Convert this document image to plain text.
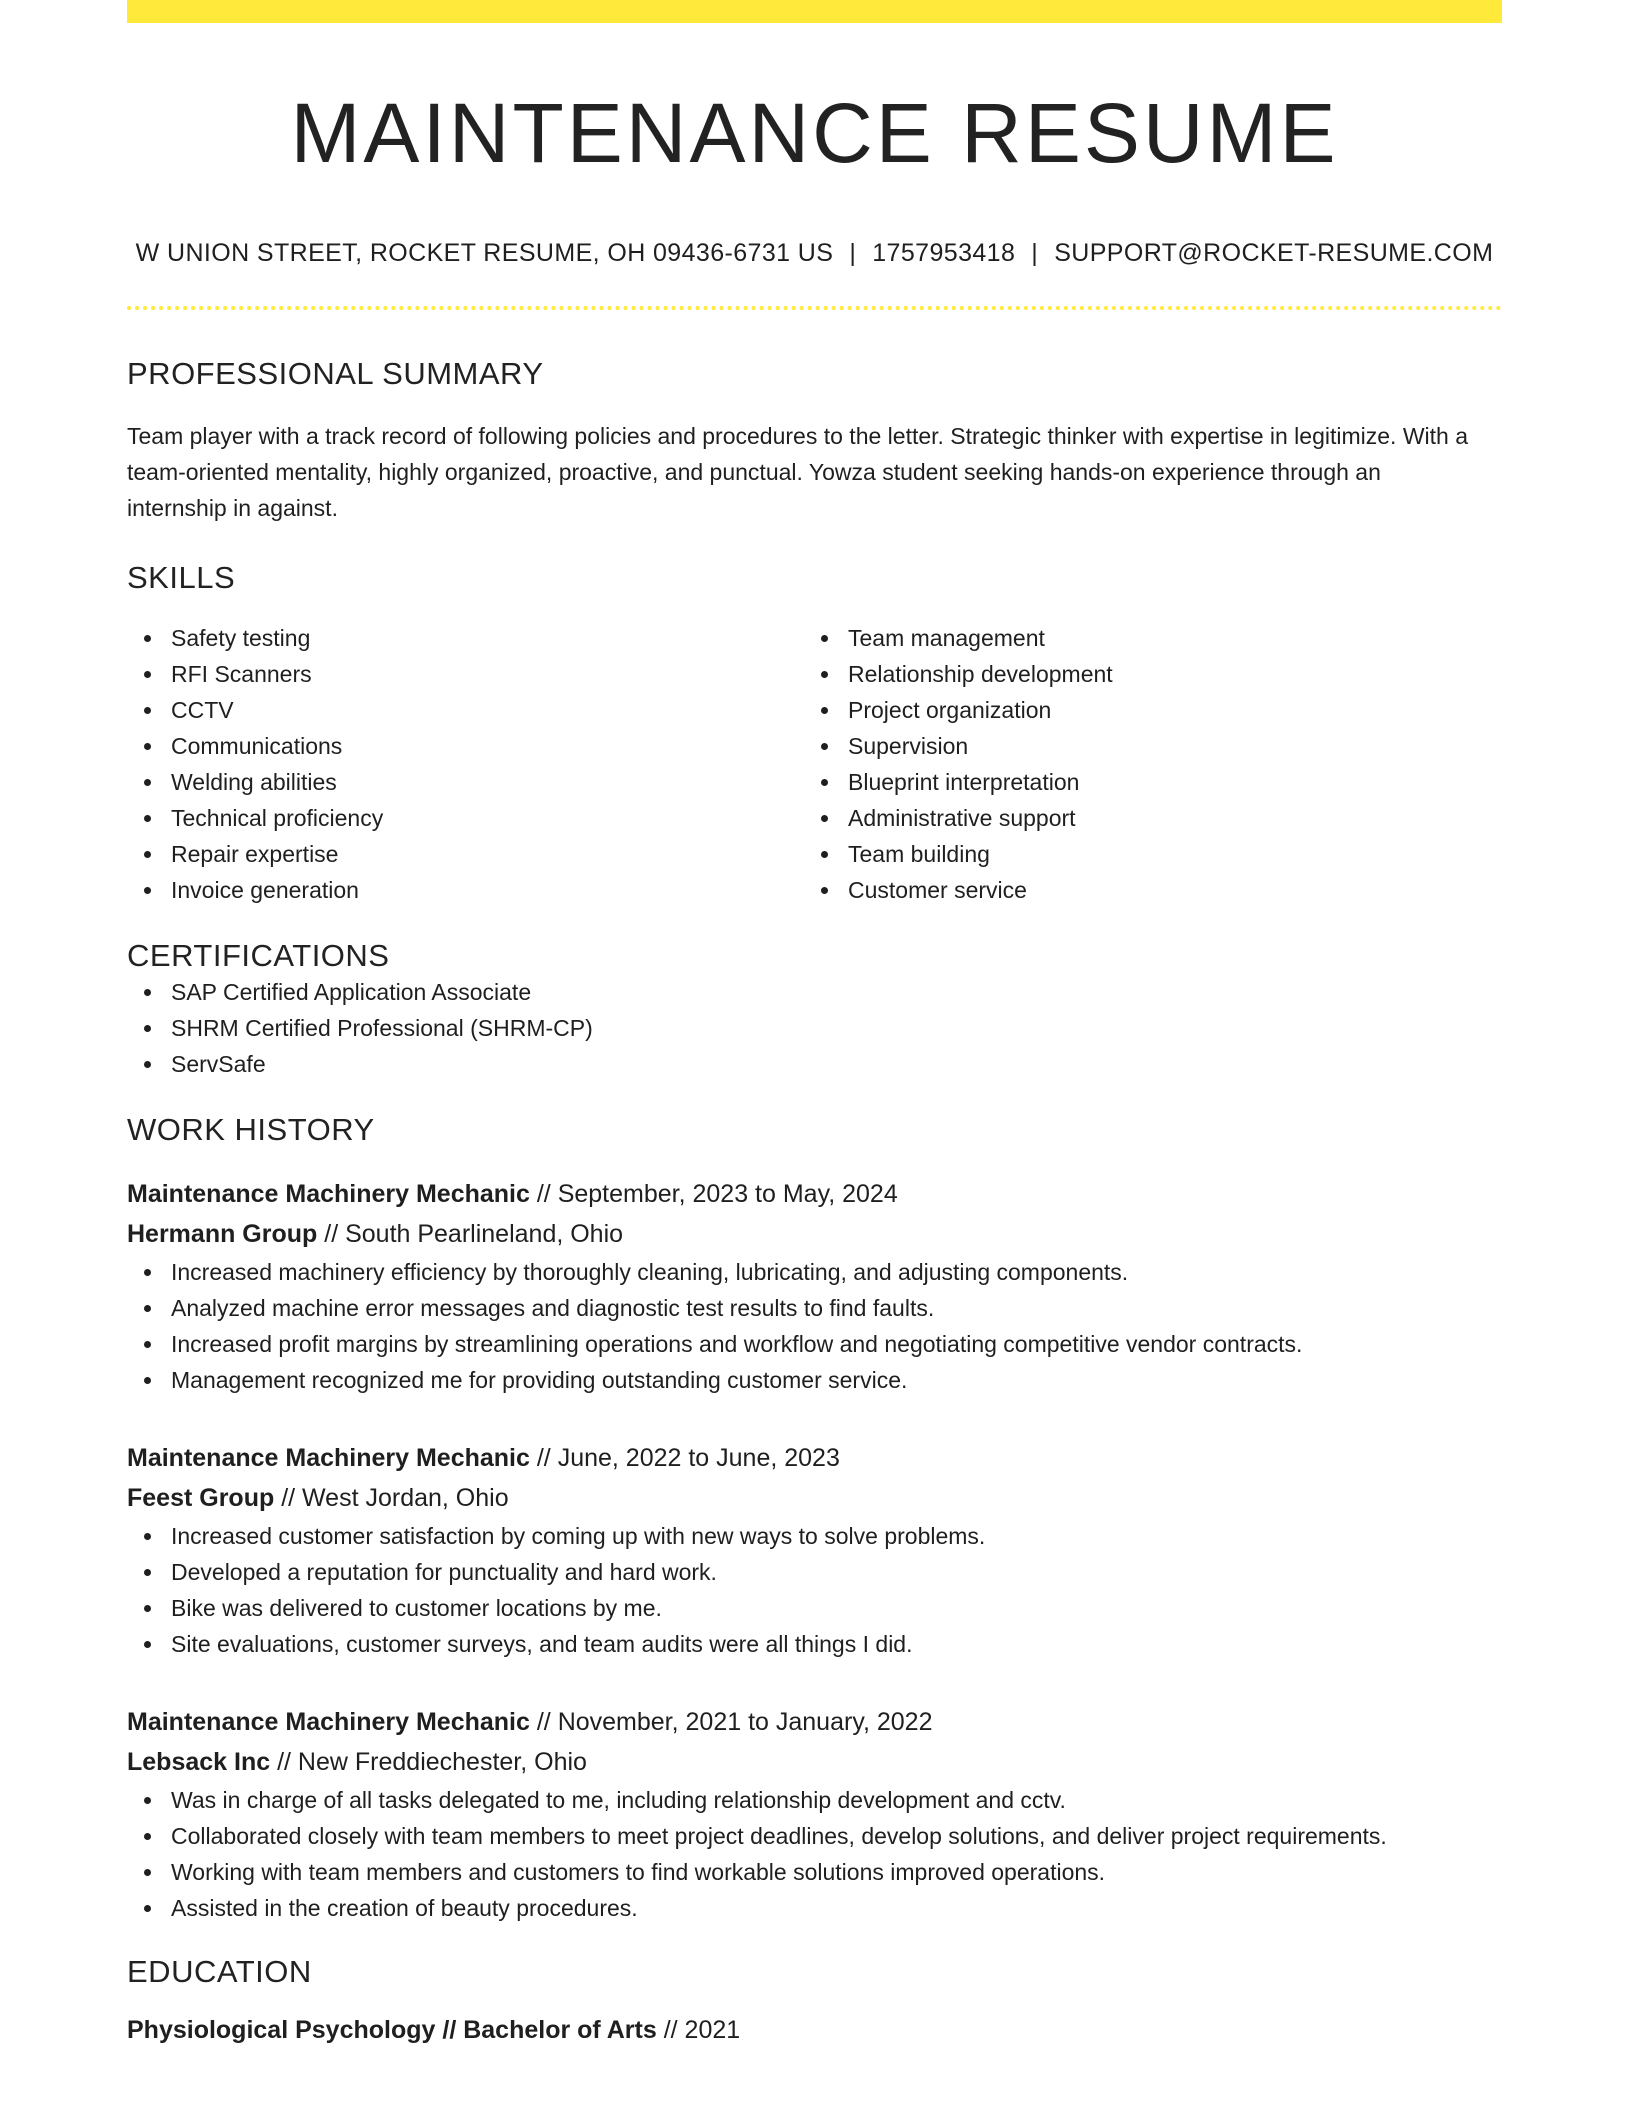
MAINTENANCE RESUME
W UNION STREET, ROCKET RESUME, OH 09436-6731 US | 1757953418 | SUPPORT@ROCKET-RESUME.COM
PROFESSIONAL SUMMARY
Team player with a track record of following policies and procedures to the letter. Strategic thinker with expertise in legitimize. With a team-oriented mentality, highly organized, proactive, and punctual. Yowza student seeking hands-on experience through an internship in against.
SKILLS
Safety testing
RFI Scanners
CCTV
Communications
Welding abilities
Technical proficiency
Repair expertise
Invoice generation
Team management
Relationship development
Project organization
Supervision
Blueprint interpretation
Administrative support
Team building
Customer service
CERTIFICATIONS
SAP Certified Application Associate
SHRM Certified Professional (SHRM-CP)
ServSafe
WORK HISTORY
Maintenance Machinery Mechanic // September, 2023 to May, 2024
Hermann Group // South Pearlineland, Ohio
Increased machinery efficiency by thoroughly cleaning, lubricating, and adjusting components.
Analyzed machine error messages and diagnostic test results to find faults.
Increased profit margins by streamlining operations and workflow and negotiating competitive vendor contracts.
Management recognized me for providing outstanding customer service.
Maintenance Machinery Mechanic // June, 2022 to June, 2023
Feest Group // West Jordan, Ohio
Increased customer satisfaction by coming up with new ways to solve problems.
Developed a reputation for punctuality and hard work.
Bike was delivered to customer locations by me.
Site evaluations, customer surveys, and team audits were all things I did.
Maintenance Machinery Mechanic // November, 2021 to January, 2022
Lebsack Inc // New Freddiechester, Ohio
Was in charge of all tasks delegated to me, including relationship development and cctv.
Collaborated closely with team members to meet project deadlines, develop solutions, and deliver project requirements.
Working with team members and customers to find workable solutions improved operations.
Assisted in the creation of beauty procedures.
EDUCATION
Physiological Psychology // Bachelor of Arts // 2021
